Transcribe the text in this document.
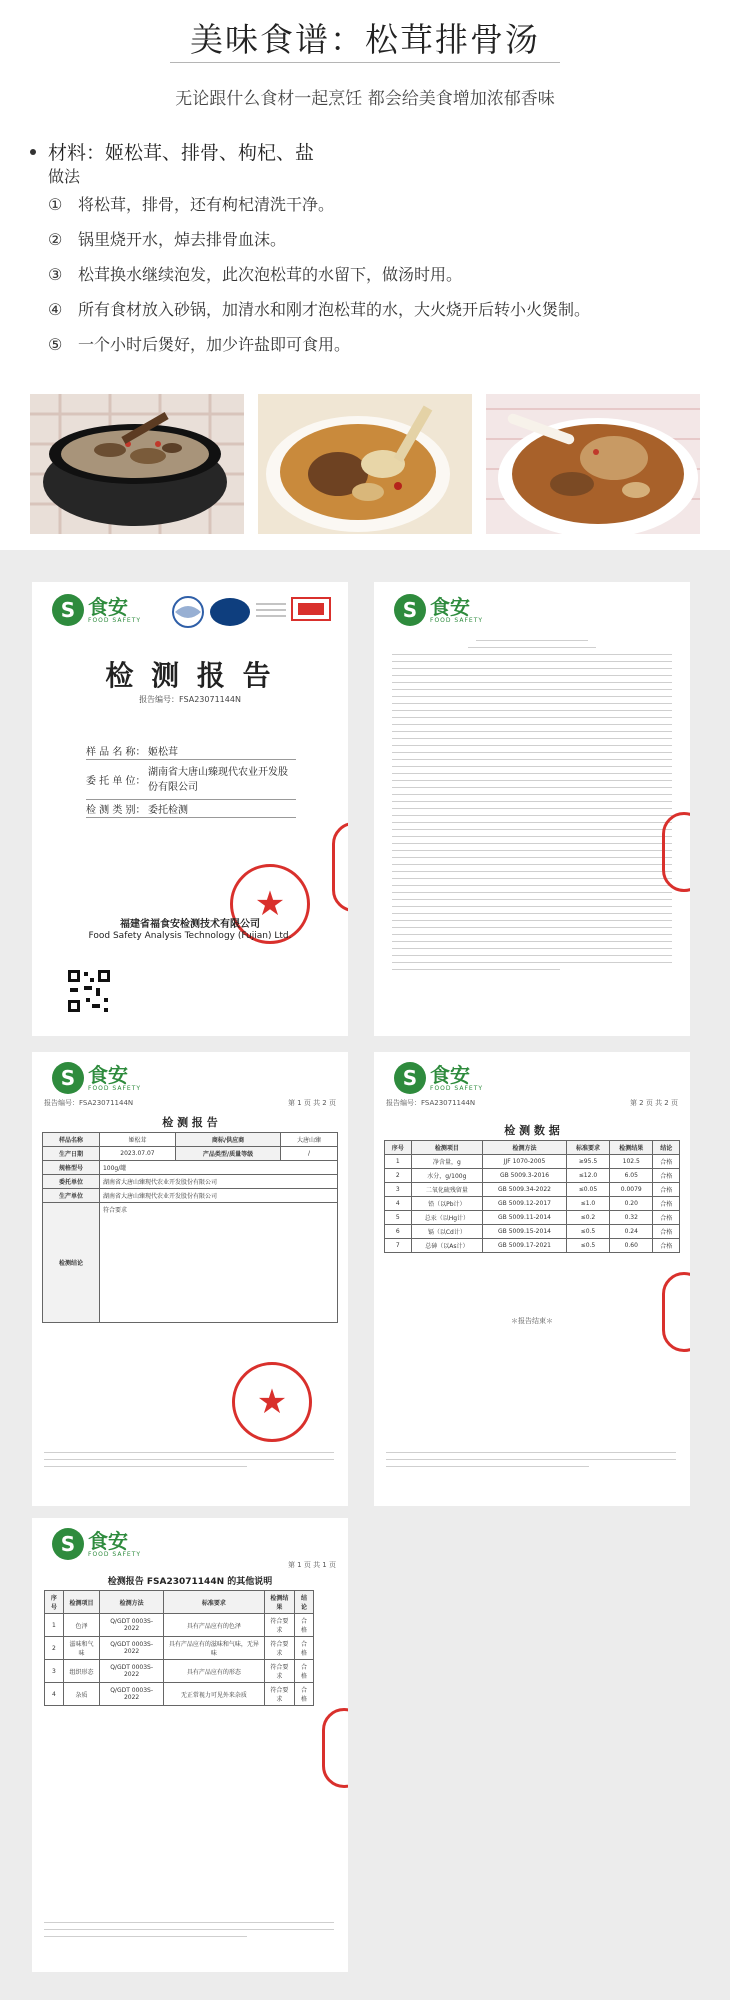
美味食谱：松茸排骨汤
无论跟什么食材一起烹饪 都会给美食增加浓郁香味
材料：姬松茸、排骨、枸杞、盐
做法
① 将松茸，排骨，还有枸杞清洗干净。
② 锅里烧开水，焯去排骨血沫。
③ 松茸换水继续泡发，此次泡松茸的水留下，做汤时用。
④ 所有食材放入砂锅，加清水和刚才泡松茸的水，大火烧开后转小火煲制。
⑤ 一个小时后煲好，加少许盐即可食用。
S 食安
FOOD SAFETY
检 测 报 告
报告编号：FSA23071144N
样 品 名 称： 姬松茸
委 托 单 位：
湖南省大唐山臻现代农业开发股份有限公司
检 测 类 别： 委托检测
★
福建省福食安检测技术有限公司
Food Safety Analysis Technology (Fujian) Ltd.
S 食安
FOOD SAFETY
S 食安
FOOD SAFETY
报告编号：FSA23071144N	第 1 页 共 2 页
检 测 报 告
样品名称	姬松茸	商标/供应商	大唐山臻
生产日期	2023.07.07	产品类型/质量等级	/
规格型号	100g/罐		
委托单位	湖南省大唐山臻现代农业开发股份有限公司		
生产单位	湖南省大唐山臻现代农业开发股份有限公司		
检测结论	符合要求		
★
S 食安
FOOD SAFETY
报告编号：FSA23071144N	第 2 页 共 2 页
检 测 数 据
序号	检测项目	检测方法	标准要求	检测结果	结论
1	净含量，g	JJF 1070-2005	≥95.5	102.5	合格
2	水分，g/100g	GB 5009.3-2016	≤12.0	6.05	合格
3	二氧化硫残留量	GB 5009.34-2022	≤0.05	0.0079	合格
4	铅（以Pb计）	GB 5009.12-2017	≤1.0	0.20	合格
5	总汞（以Hg计）	GB 5009.11-2014	≤0.2	0.32	合格
6	镉（以Cd计）	GB 5009.15-2014	≤0.5	0.24	合格
7	总砷（以As计）	GB 5009.17-2021	≤0.5	0.60	合格
＊报告结束＊
S 食安
FOOD SAFETY
第 1 页 共 1 页
检测报告 FSA23071144N 的其他说明
序号	检测项目	检测方法	标准要求	检测结果	结论
1	色泽	Q/GDT 0003S-2022	具有产品应有的色泽	符合要求	合格
2	滋味和气味	Q/GDT 0003S-2022	具有产品应有的滋味和气味，无异味	符合要求	合格
3	组织形态	Q/GDT 0003S-2022	具有产品应有的形态	符合要求	合格
4	杂质	Q/GDT 0003S-2022	无正常视力可见外来杂质	符合要求	合格
